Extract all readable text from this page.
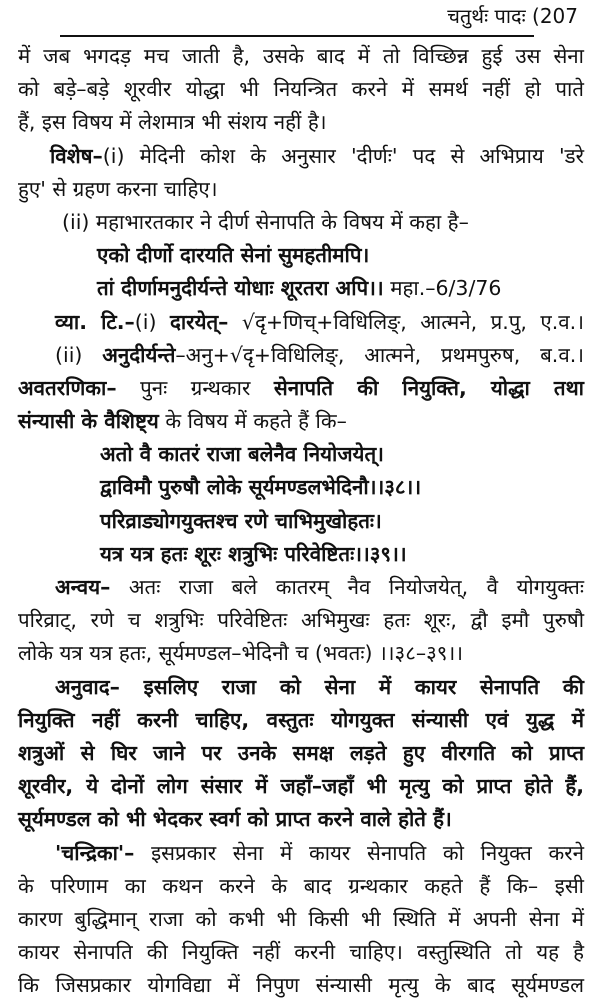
चतुर्थः पादः (207
में जब भगदड़ मच जाती है, उसके बाद में तो विच्छिन्न हुई उस सेना
को बड़े–बड़े शूरवीर योद्धा भी नियन्त्रित करने में समर्थ नहीं हो पाते
हैं, इस विषय में लेशमात्र भी संशय नहीं है।
विशेष–(i) मेदिनी कोश के अनुसार 'दीर्णः' पद से अभिप्राय 'डरे
हुए' से ग्रहण करना चाहिए।
(ii) महाभारतकार ने दीर्ण सेनापति के विषय में कहा है–
एको दीर्णो दारयति सेनां सुमहतीमपि।
तां दीर्णामनुदीर्यन्ते योधाः शूरतरा अपि।। महा.–6/3/76
व्या. टि.–(i) दारयेत्– √दृ+णिच्+विधिलिङ्, आत्मने, प्र.पु, ए.व.।
(ii) अनुदीर्यन्ते–अनु+√दृ+विधिलिङ्, आत्मने, प्रथमपुरुष, ब.व.।
अवतरणिका– पुनः ग्रन्थकार सेनापति की नियुक्ति, योद्धा तथा
संन्यासी के वैशिष्ट्य के विषय में कहते हैं कि–
अतो वै कातरं राजा बलेनैव नियोजयेत्।
द्वाविमौ पुरुषौ लोके सूर्यमण्डलभेदिनौ।।३८।।
परिव्राड्योगयुक्तश्च रणे चाभिमुखोहतः।
यत्र यत्र हतः शूरः शत्रुभिः परिवेष्टितः।।३९।।
अन्वय– अतः राजा बले कातरम् नैव नियोजयेत्, वै योगयुक्तः
परिव्राट्, रणे च शत्रुभिः परिवेष्टितः अभिमुखः हतः शूरः, द्वौ इमौ पुरुषौ
लोके यत्र यत्र हतः, सूर्यमण्डल–भेदिनौ च (भवतः) ।।३८–३९।।
अनुवाद– इसलिए राजा को सेना में कायर सेनापति की
नियुक्ति नहीं करनी चाहिए, वस्तुतः योगयुक्त संन्यासी एवं युद्ध में
शत्रुओं से घिर जाने पर उनके समक्ष लड़ते हुए वीरगति को प्राप्त
शूरवीर, ये दोनों लोग संसार में जहाँ–जहाँ भी मृत्यु को प्राप्त होते हैं,
सूर्यमण्डल को भी भेदकर स्वर्ग को प्राप्त करने वाले होते हैं।
'चन्द्रिका'– इसप्रकार सेना में कायर सेनापति को नियुक्त करने
के परिणाम का कथन करने के बाद ग्रन्थकार कहते हैं कि– इसी
कारण बुद्धिमान् राजा को कभी भी किसी भी स्थिति में अपनी सेना में
कायर सेनापति की नियुक्ति नहीं करनी चाहिए। वस्तुस्थिति तो यह है
कि जिसप्रकार योगविद्या में निपुण संन्यासी मृत्यु के बाद सूर्यमण्डल
